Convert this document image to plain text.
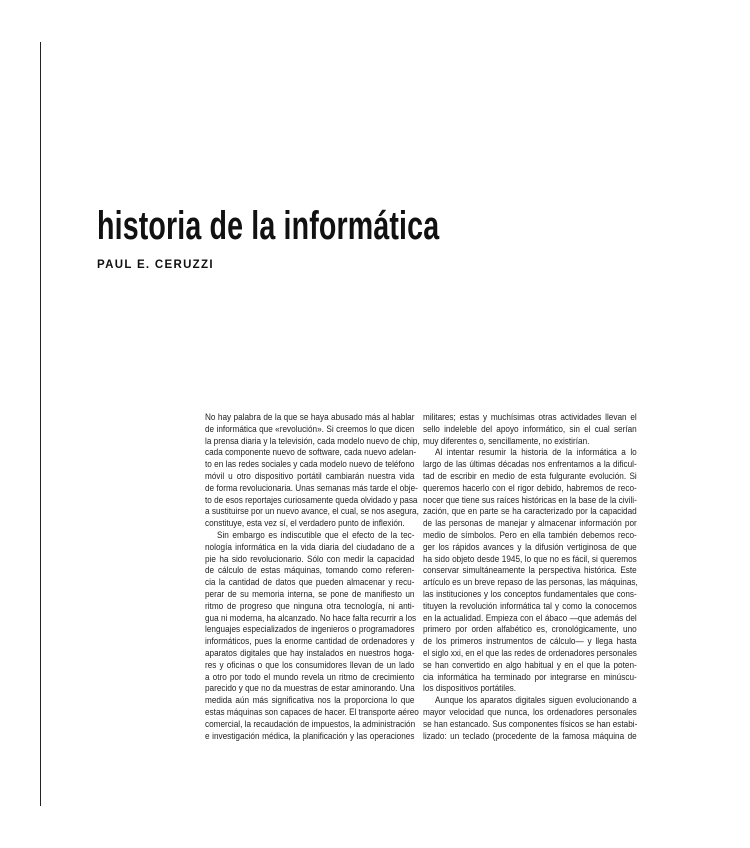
historia de la informática
PAUL E. CERUZZI
No hay palabra de la que se haya abusado más al hablar
de informática que «revolución». Si creemos lo que dicen
la prensa diaria y la televisión, cada modelo nuevo de chip,
cada componente nuevo de software, cada nuevo adelan-
to en las redes sociales y cada modelo nuevo de teléfono
móvil u otro dispositivo portátil cambiarán nuestra vida
de forma revolucionaria. Unas semanas más tarde el obje-
to de esos reportajes curiosamente queda olvidado y pasa
a sustituirse por un nuevo avance, el cual, se nos asegura,
constituye, esta vez sí, el verdadero punto de inflexión.
Sin embargo es indiscutible que el efecto de la tec-
nología informática en la vida diaria del ciudadano de a
pie ha sido revolucionario. Sólo con medir la capacidad
de cálculo de estas máquinas, tomando como referen-
cia la cantidad de datos que pueden almacenar y recu-
perar de su memoria interna, se pone de manifiesto un
ritmo de progreso que ninguna otra tecnología, ni anti-
gua ni moderna, ha alcanzado. No hace falta recurrir a los
lenguajes especializados de ingenieros o programadores
informáticos, pues la enorme cantidad de ordenadores y
aparatos digitales que hay instalados en nuestros hoga-
res y oficinas o que los consumidores llevan de un lado
a otro por todo el mundo revela un ritmo de crecimiento
parecido y que no da muestras de estar aminorando. Una
medida aún más significativa nos la proporciona lo que
estas máquinas son capaces de hacer. El transporte aéreo
comercial, la recaudación de impuestos, la administración
e investigación médica, la planificación y las operaciones
militares; estas y muchísimas otras actividades llevan el
sello indeleble del apoyo informático, sin el cual serían
muy diferentes o, sencillamente, no existirían.
Al intentar resumir la historia de la informática a lo
largo de las últimas décadas nos enfrentamos a la dificul-
tad de escribir en medio de esta fulgurante evolución. Si
queremos hacerlo con el rigor debido, habremos de reco-
nocer que tiene sus raíces históricas en la base de la civili-
zación, que en parte se ha caracterizado por la capacidad
de las personas de manejar y almacenar información por
medio de símbolos. Pero en ella también debemos reco-
ger los rápidos avances y la difusión vertiginosa de que
ha sido objeto desde 1945, lo que no es fácil, si queremos
conservar simultáneamente la perspectiva histórica. Este
artículo es un breve repaso de las personas, las máquinas,
las instituciones y los conceptos fundamentales que cons-
tituyen la revolución informática tal y como la conocemos
en la actualidad. Empieza con el ábaco —que además del
primero por orden alfabético es, cronológicamente, uno
de los primeros instrumentos de cálculo— y llega hasta
el siglo xxi, en el que las redes de ordenadores personales
se han convertido en algo habitual y en el que la poten-
cia informática ha terminado por integrarse en minúscu-
los dispositivos portátiles.
Aunque los aparatos digitales siguen evolucionando a
mayor velocidad que nunca, los ordenadores personales
se han estancado. Sus componentes físicos se han estabi-
lizado: un teclado (procedente de la famosa máquina de
